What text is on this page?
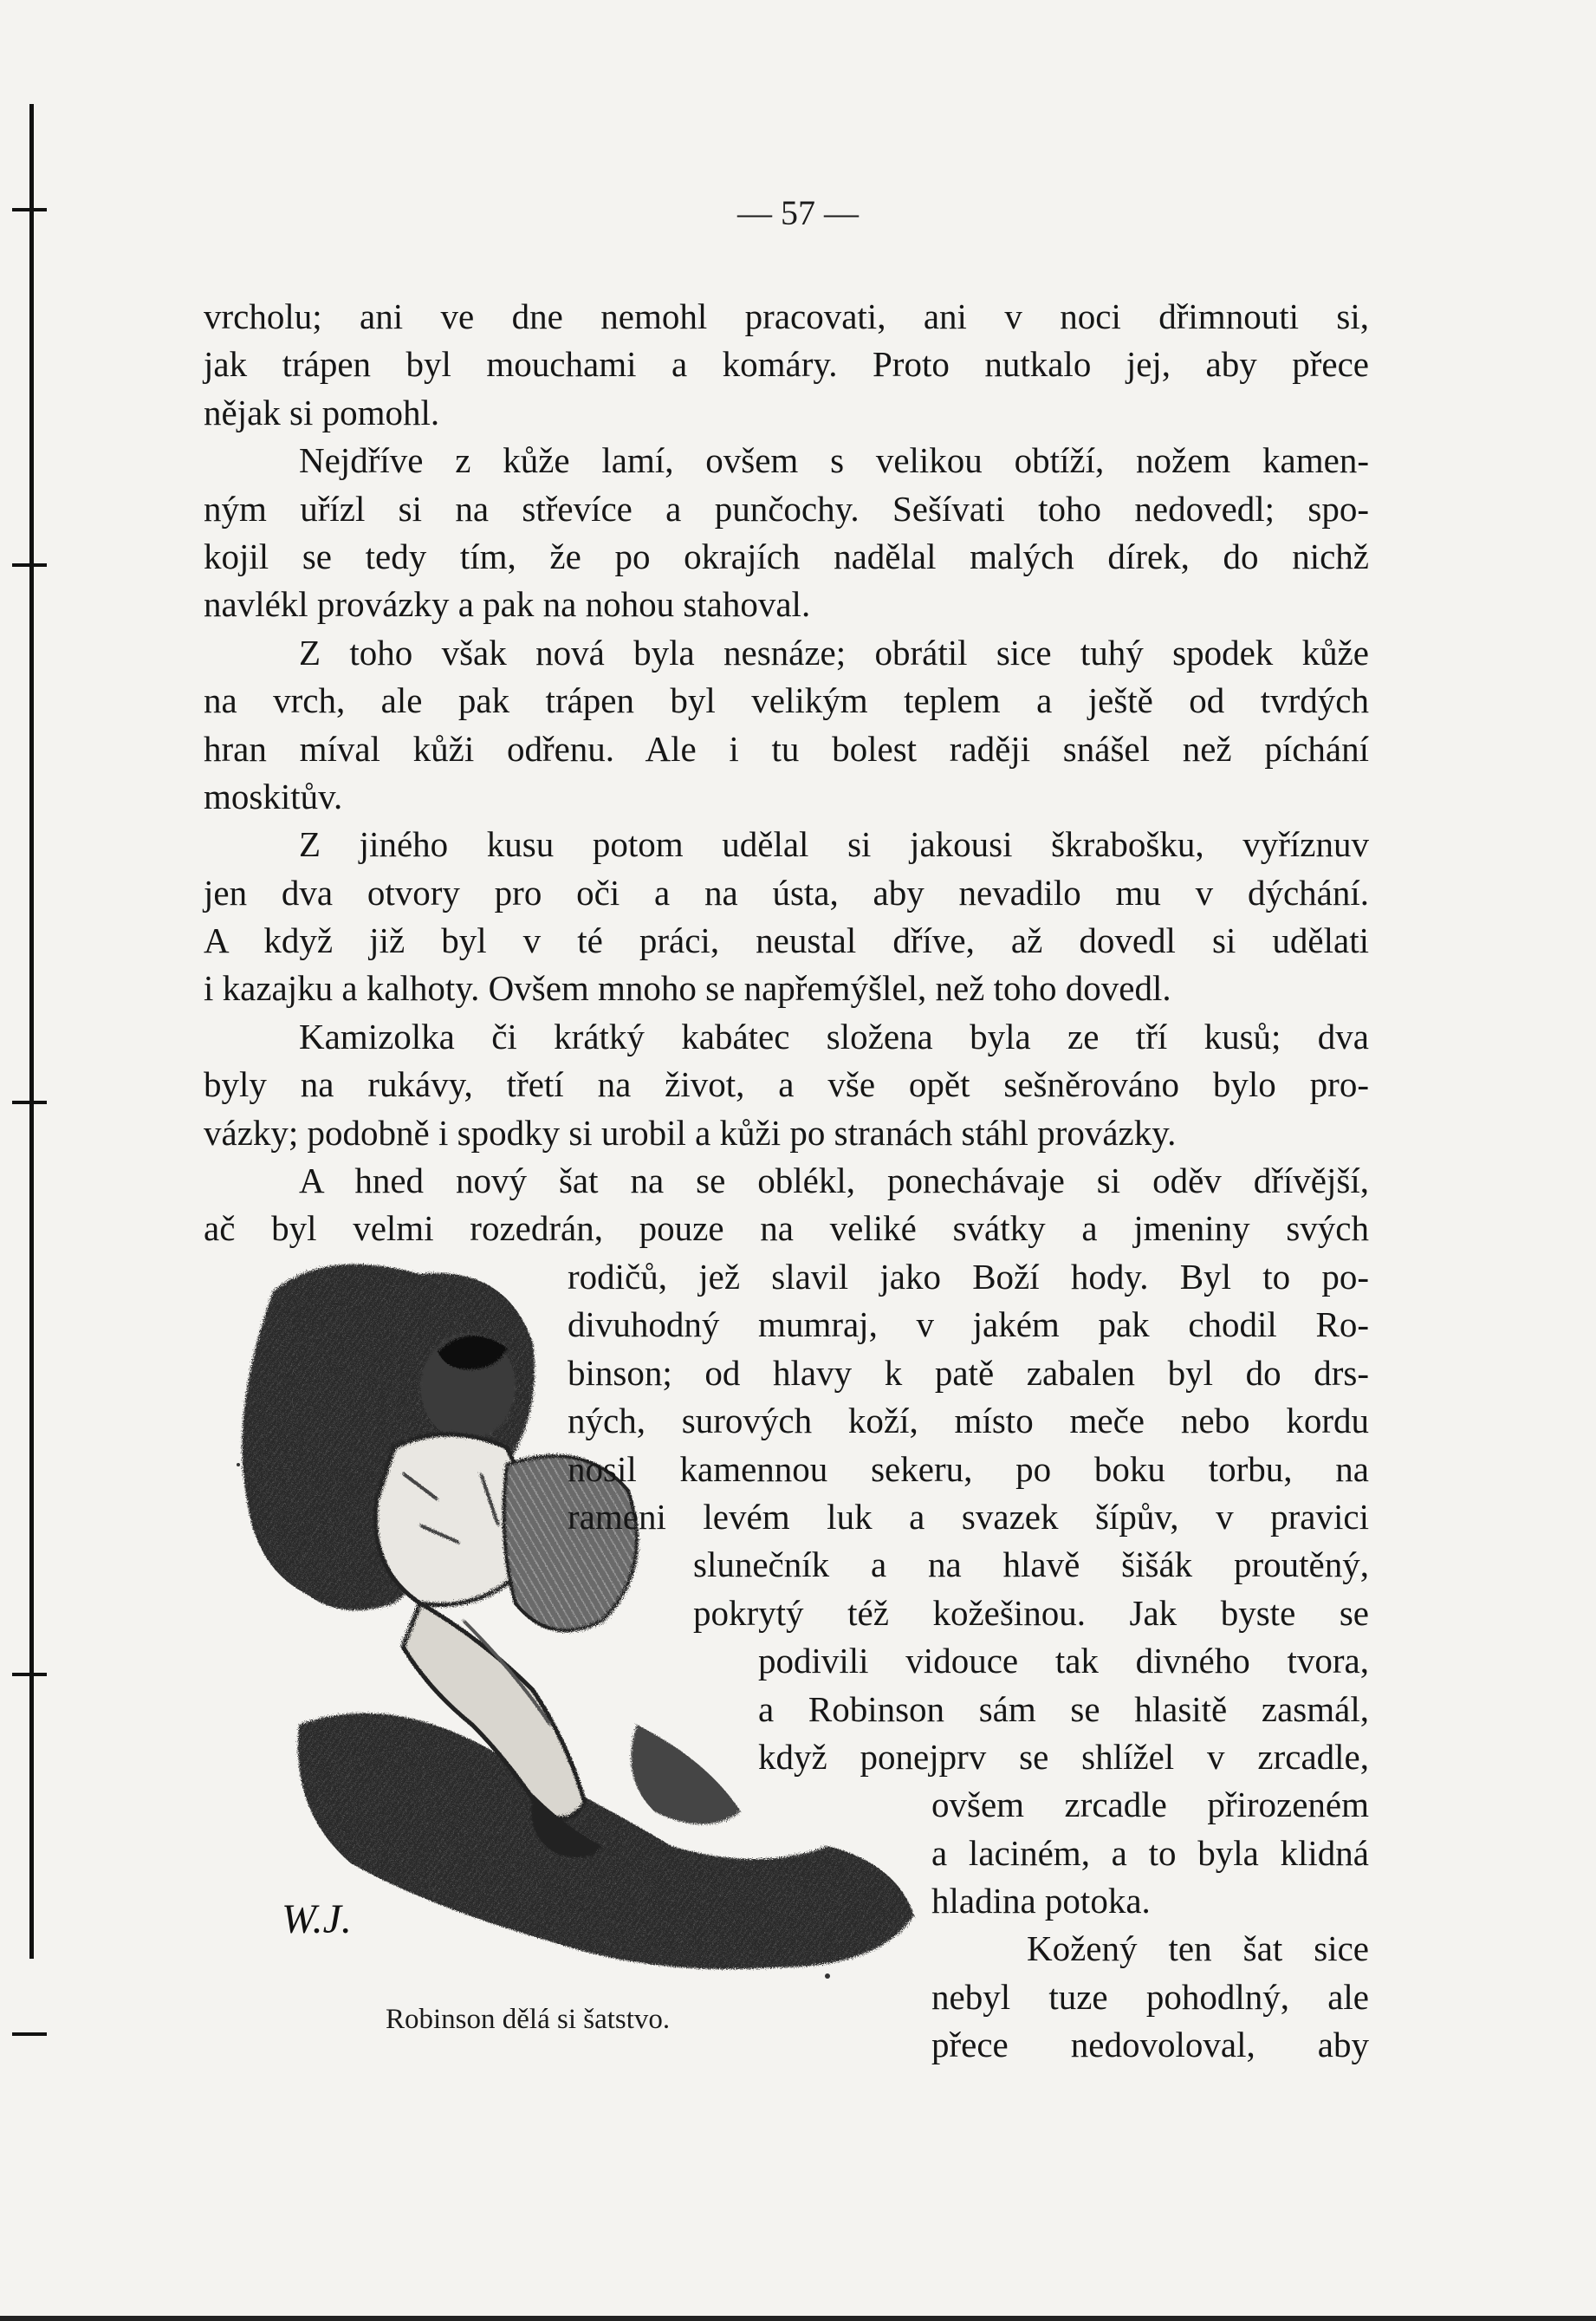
— 57 —
vrcholu; ani ve dne nemohl pracovati, ani v noci dřimnouti si,
jak trápen byl mouchami a komáry. Proto nutkalo jej, aby přece
nějak si pomohl.
Nejdříve z kůže lamí, ovšem s velikou obtíží, nožem kamen-
ným uřízl si na střevíce a punčochy. Sešívati toho nedovedl; spo-
kojil se tedy tím, že po okrajích nadělal malých dírek, do nichž
navlékl provázky a pak na nohou stahoval.
Z toho však nová byla nesnáze; obrátil sice tuhý spodek kůže
na vrch, ale pak trápen byl velikým teplem a ještě od tvrdých
hran míval kůži odřenu. Ale i tu bolest raději snášel než píchání
moskitův.
Z jiného kusu potom udělal si jakousi škrabošku, vyříznuv
jen dva otvory pro oči a na ústa, aby nevadilo mu v dýchání.
A když již byl v té práci, neustal dříve, až dovedl si udělati
i kazajku a kalhoty. Ovšem mnoho se napřemýšlel, než toho dovedl.
Kamizolka či krátký kabátec složena byla ze tří kusů; dva
byly na rukávy, třetí na život, a vše opět sešněrováno bylo pro-
vázky; podobně i spodky si urobil a kůži po stranách stáhl provázky.
A hned nový šat na se oblékl, ponechávaje si oděv dřívější,
ač byl velmi rozedrán, pouze na veliké svátky a jmeniny svých
W.J.
rodičů, jež slavil jako Boží hody. Byl to po-
divuhodný mumraj, v jakém pak chodil Ro-
binson; od hlavy k patě zabalen byl do drs-
ných, surových koží, místo meče nebo kordu
nosil kamennou sekeru, po boku torbu, na
rameni levém luk a svazek šípův, v pravici
slunečník a na hlavě šišák proutěný,
pokrytý též kožešinou. Jak byste se
podivili vidouce tak divného tvora,
a Robinson sám se hlasitě zasmál,
když ponejprv se shlížel v zrcadle,
ovšem zrcadle přirozeném
a laciném, a to byla klidná
hladina potoka.
Kožený ten šat sice
nebyl tuze pohodlný, ale
přece nedovoloval, aby
Robinson dělá si šatstvo.
